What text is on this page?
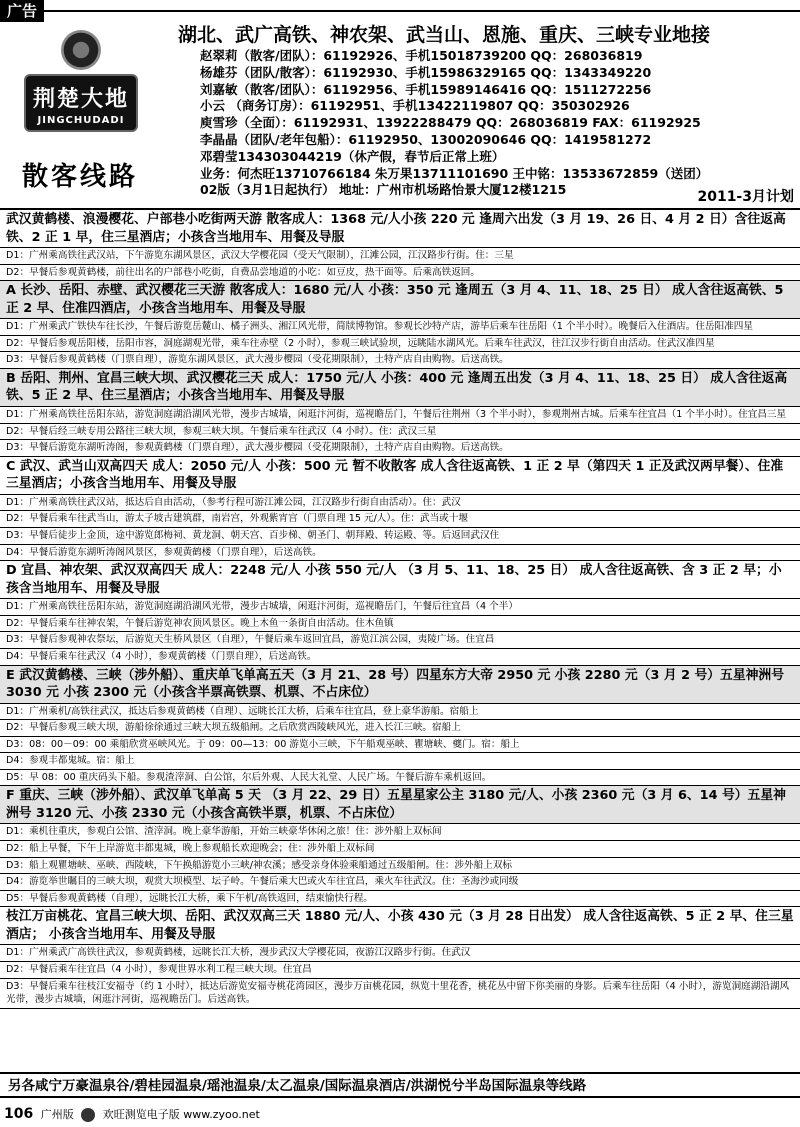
广告
荆楚大地
JINGCHUDADI
散客线路
湖北、武广高铁、神农架、武当山、恩施、重庆、三峡专业地接
赵翠莉（散客/团队）：61192926、手机15018739200 QQ：268036819
杨雄芬（团队/散客）：61192930、手机15986329165 QQ：1343349220
刘嘉敏（散客/团队）：61192956、手机15989146416 QQ：1511272256
小云 （商务订房）：61192951、手机13422119807 QQ：350302926
庾雪珍（全面）：61192931、13922288479 QQ：268036819 FAX：61192925
李晶晶（团队/老年包船）：61192950、13002090646 QQ：1419581272
邓碧莹134303044219（休产假，春节后正常上班）
业务：何杰旺13710766184 朱万果13711101690 王中铭：13533672859（送团）
02版（3月1日起执行） 地址：广州市机场路怡景大厦12楼1215	2011-3月计划
武汉黄鹤楼、浪漫樱花、户部巷小吃街两天游 散客成人：1368 元/人小孩 220 元 逢周六出发（3 月 19、26 日、4 月 2 日）含往返高铁、2 正 1 早，住三星酒店；小孩含当地用车、用餐及导服
D1：广州乘高铁往武汉站，下午游览东湖风景区，武汉大学樱花园（受天气限制），江滩公园，江汉路步行街。住：三星
D2：早餐后参观黄鹤楼，前往出名的户部巷小吃街，自费品尝地道的小吃：如豆皮，热干面等。后乘高铁返回。
A 长沙、岳阳、赤壁、武汉樱花三天游 散客成人：1680 元/人 小孩：350 元 逢周五（3 月 4、11、18、25 日） 成人含往返高铁、5 正 2 早、住准四酒店，小孩含当地用车、用餐及导服
D1：广州乘武广铁快车往长沙，午餐后游览岳麓山、橘子洲头、湘江风光带，简牍博物馆。参观长沙特产店，游毕后乘车往岳阳（1 个半小时）。晚餐后入住酒店。住岳阳准四星
D2：早餐后参观岳阳楼，岳阳市容，洞庭湖观光带，乘车往赤壁（2 小时），参观三峡试验坝，远眺陆水湖风光。后乘车往武汉，往江汉步行街自由活动。住武汉准四星
D3：早餐后参观黄鹤楼（门票自理），游览东湖风景区，武大漫步樱园（受花期限制），土特产店自由购物。后送高铁。
B 岳阳、荆州、宜昌三峡大坝、武汉樱花三天 成人：1750 元/人 小孩：400 元 逢周五出发（3 月 4、11、18、25 日） 成人含往返高铁、5 正 2 早、住三星酒店；小孩含当地用车、用餐及导服
D1：广州乘高铁往岳阳东站，游览洞庭湖沿湖风光带，漫步古城墙，闲逛汴河街，巡视瞻岳门，午餐后往荆州（3 个半小时），参观荆州古城。后乘车往宜昌（1 个半小时）。住宜昌三星
D2：早餐后经三峡专用公路往三峡大坝，参观三峡大坝。午餐后乘车往武汉（4 小时）。住：武汉三星
D3：早餐后游览东湖听涛阁，参观黄鹤楼（门票自理），武大漫步樱园（受花期限制），土特产店自由购物。后送高铁。
C 武汉、武当山双高四天 成人：2050 元/人 小孩：500 元 暂不收散客 成人含往返高铁、1 正 2 早（第四天 1 正及武汉两早餐）、住准三星酒店；小孩含当地用车、用餐及导服
D1：广州乘高铁往武汉站，抵达后自由活动，（参考行程可游江滩公园，江汉路步行街自由活动）。住：武汉
D2：早餐后乘车往武当山，游太子坡古建筑群，南岩宫，外观紫宵宫（门票自理 15 元/人）。住：武当或十堰
D3：早餐后徒步上金顶，途中游览郎梅祠、黄龙洞、朝天宫、百步梯、朝圣门、朝拜殿、转运殿、等。后返回武汉住
D4：早餐后游览东湖听涛阁风景区，参观黄鹤楼（门票自理），后送高铁。
D 宜昌、神农架、武汉双高四天 成人：2248 元/人 小孩 550 元/人 （3 月 5、11、18、25 日） 成人含往返高铁、含 3 正 2 早；小孩含当地用车、用餐及导服
D1：广州乘高铁往岳阳东站，游览洞庭湖沿湖风光带，漫步古城墙，闲逛汴河街，巡视瞻岳门，午餐后往宜昌（4 个半）
D2：早餐后乘车往神农架，午餐后游览神农顶风景区。晚上木鱼一条街自由活动。住木鱼镇
D3：早餐后参观神农祭坛，后游览天生桥风景区（自理），午餐后乘车返回宜昌，游览江滨公园，夷陵广场。住宜昌
D4：早餐后乘车往武汉（4 小时），参观黄鹤楼（门票自理），后送高铁。
E 武汉黄鹤楼、三峡（涉外船）、重庆单飞单高五天（3 月 21、28 号）四星东方大帝 2950 元 小孩 2280 元（3 月 2 号）五星神洲号 3030 元 小孩 2300 元（小孩含半票高铁票、机票、不占床位）
D1：广州乘机/高铁往武汉，抵达后参观黄鹤楼（自理）、远眺长江大桥，后乘车往宜昌，登上豪华游船。宿船上
D2：早餐后参观三峡大坝，游船徐徐通过三峡大坝五级船闸。之后欣赏西陵峡风光，进入长江三峡。宿船上
D3：08：00－09：00 乘船欣赏巫峡风光。于 09：00—13：00 游览小三峡，下午船观巫峡、瞿塘峡、夔门。宿：船上
D4：参观丰都鬼城。宿：船上
D5：早 08：00 重庆码头下船。参观渣滓洞、白公馆，尔后外观、人民大礼堂、人民广场。午餐后游车乘机返回。
F 重庆、三峡（涉外船）、武汉单飞单高 5 天 （3 月 22、29 日）五星星家公主 3180 元/人、小孩 2360 元（3 月 6、14 号）五星神洲号 3120 元、小孩 2330 元（小孩含高铁半票，机票、不占床位）
D1：乘机往重庆，参观白公馆、渣滓洞。晚上豪华游船，开始三峡豪华休闲之旅！住：涉外船上双标间
D2：船上早餐，下午上岸游览丰都鬼城，晚上参观船长欢迎晚会；住：涉外船上双标间
D3：船上观瞿塘峡、巫峡、西陵峡，下午换船游览小三峡/神农溪；感受亲身体验乘船通过五级船闸。住：涉外船上双标
D4：游览举世瞩目的三峡大坝，观赏大坝模型、坛子岭。午餐后乘大巴或火车往宜昌，乘火车往武汉。住：圣海沙或同级
D5：早餐后参观黄鹤楼（自理），远眺长江大桥，乘下午机/高铁返回，结束愉快行程。
枝江万亩桃花、宜昌三峡大坝、岳阳、武汉双高三天 1880 元/人、小孩 430 元（3 月 28 日出发） 成人含往返高铁、5 正 2 早、住三星酒店； 小孩含当地用车、用餐及导服
D1：广州乘武广高铁往武汉，参观黄鹤楼，远眺长江大桥，漫步武汉大学樱花园，夜游江汉路步行街。住武汉
D2：早餐后乘车往宜昌（4 小时），参观世界水利工程三峡大坝。住宜昌
D3：早餐后乘车往枝江安福寺（约 1 小时），抵达后游览安福寺桃花湾园区，漫步万亩桃花园，纵览十里花香，桃花丛中留下你美丽的身影。后乘车往岳阳（4 小时），游览洞庭湖沿湖风光带，漫步古城墙，闲逛汴河街，巡视瞻岳门。后送高铁。
另各咸宁万豪温泉谷/碧桂园温泉/瑶池温泉/太乙温泉/国际温泉酒店/洪湖悦兮半岛国际温泉等线路
106 广州版	欢旺测览电子版 www.zyoo.net
